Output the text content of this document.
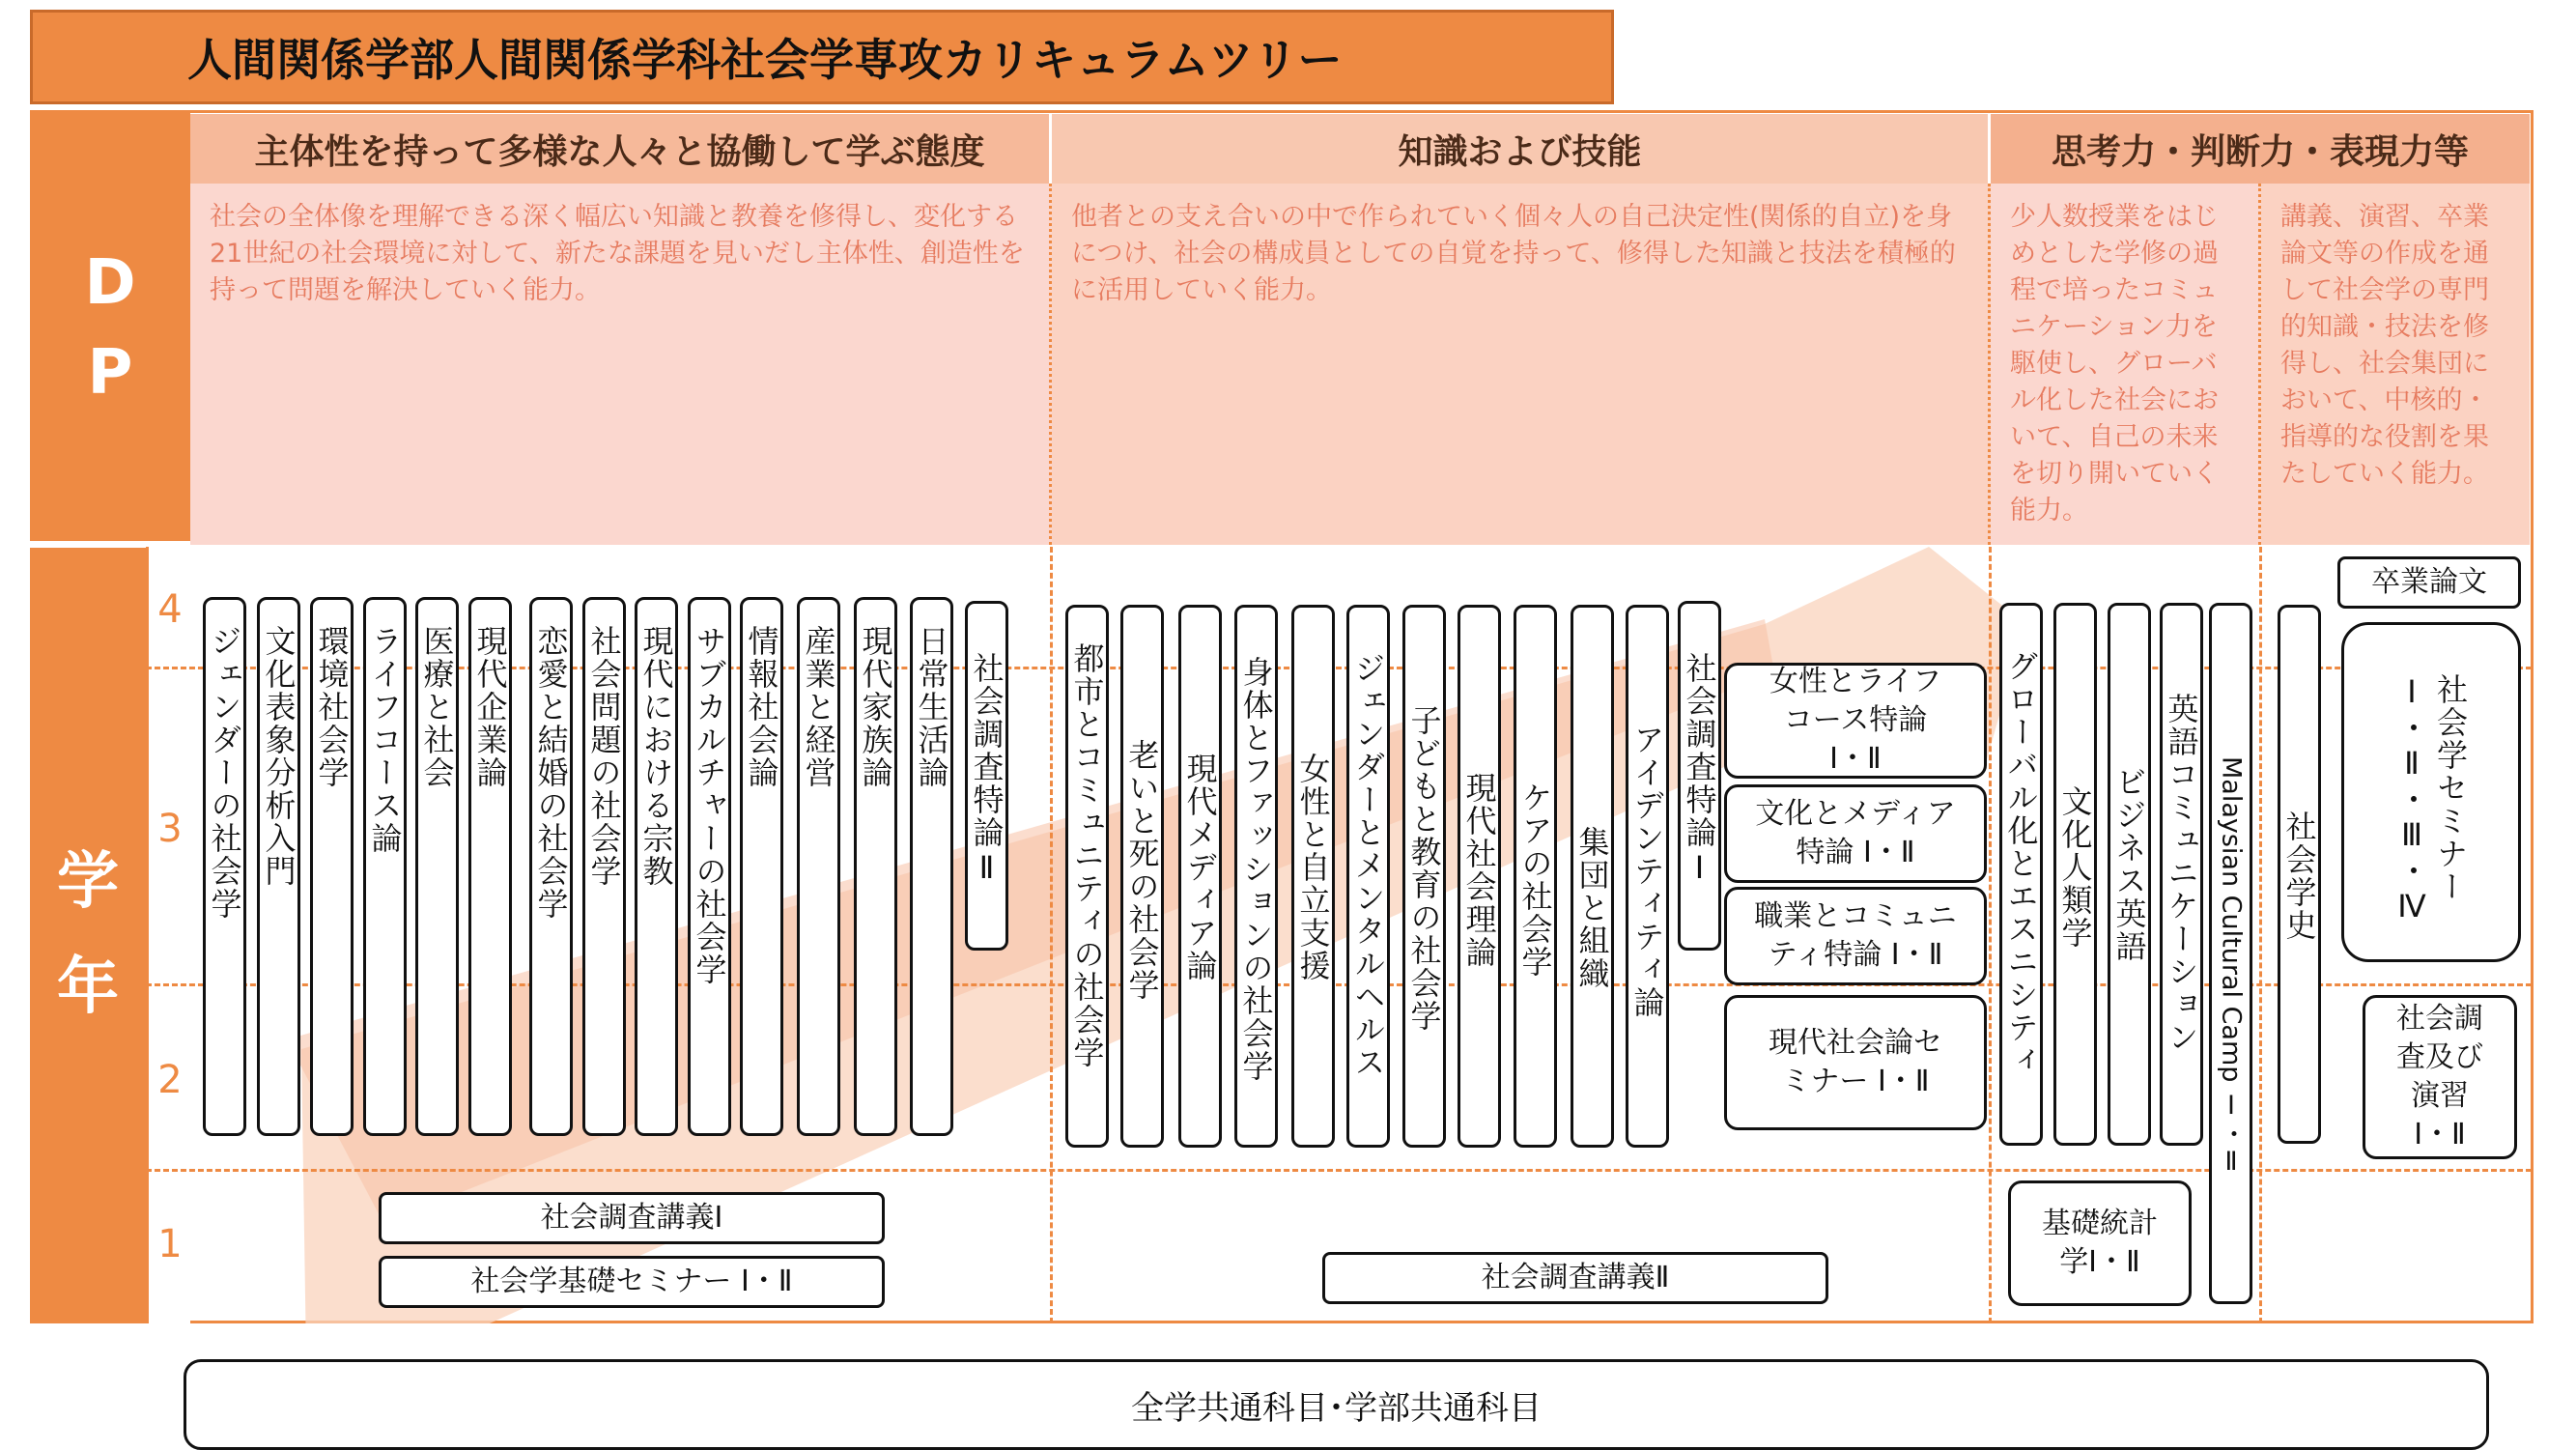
人間関係学部人間関係学科社会学専攻カリキュラムツリー
D
P
学
年
主体性を持って多様な人々と協働して学ぶ態度	知識および技能	思考力・判断力・表現力等
社会の全体像を理解できる深く幅広い知識と教養を修得し、変化する21世紀の社会環境に対して、新たな課題を見いだし主体性、創造性を持って問題を解決していく能力。
他者との支え合いの中で作られていく個々人の自己決定性(関係的自立)を身につけ、社会の構成員としての自覚を持って、修得した知識と技法を積極的に活用していく能力。
少人数授業をはじめとした学修の過程で培ったコミュニケーション力を駆使し、グローバル化した社会において、自己の未来を切り開いていく能力。
講義、演習、卒業論文等の作成を通して社会学の専門的知識・技法を修得し、社会集団において、中核的・指導的な役割を果たしていく能力。
4
3
2
1
ジェンダーの社会学 文化表象分析入門 環境社会学 ライフコース論 医療と社会 現代企業論 恋愛と結婚の社会学 社会問題の社会学 現代における宗教 サブカルチャーの社会学 情報社会論 産業と経営 現代家族論 日常生活論 社会調査特論Ⅱ 都市とコミュニティの社会学 老いと死の社会学 現代メディア論 身体とファッションの社会学 女性と自立支援 ジェンダーとメンタルヘルス 子どもと教育の社会学 現代社会理論 ケアの社会学 集団と組織 アイデンティティ論 社会調査特論Ⅰ	女性とライフ
コース特論
Ⅰ・Ⅱ
文化とメディア
特論 Ⅰ・Ⅱ
職業とコミュニ
ティ特論 Ⅰ・Ⅱ
現代社会論セ
ミナー Ⅰ・Ⅱ
グローバル化とエスニシティ 文化人類学 ビジネス英語 英語コミュニケーション Malaysian Cultural Camp Ⅰ・Ⅱ
基礎統計
学Ⅰ・Ⅱ
卒業論文
社会学史	社会学セミナーⅠ・Ⅱ・Ⅲ・Ⅳ
社会調
査及び
演習
Ⅰ・Ⅱ
社会調査講義Ⅰ
社会学基礎セミナー Ⅰ・Ⅱ	社会調査講義Ⅱ
全学共通科目･学部共通科目
